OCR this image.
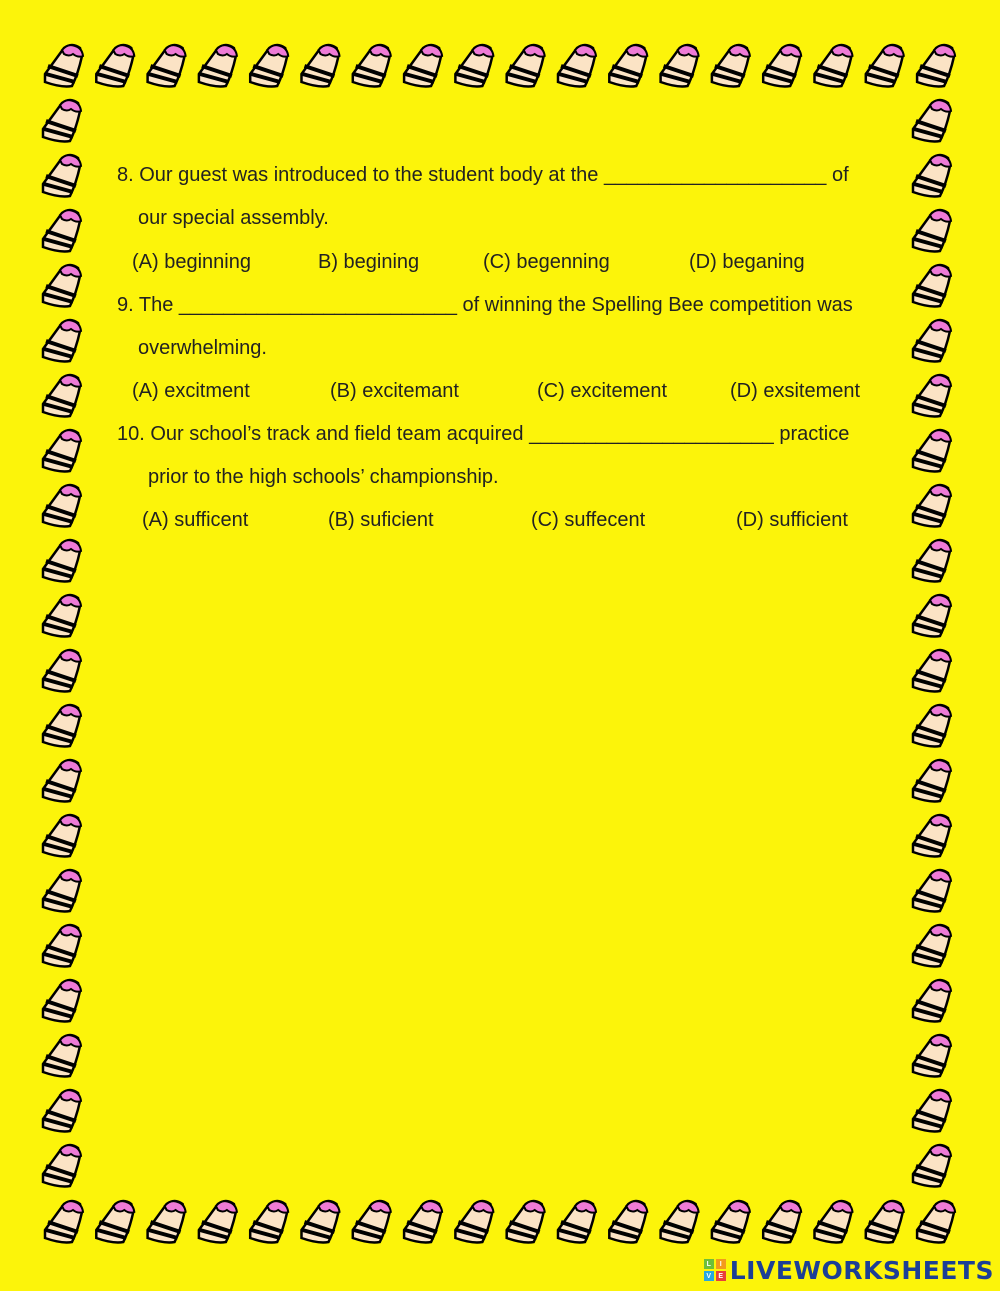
8. Our guest was introduced to the student body at the ____________________ of
our special assembly.
(A) beginning	B) begining	(C) begenning	(D) beganing
9. The _________________________ of winning the Spelling Bee competition was
overwhelming.
(A) excitment	(B) excitemant	(C) excitement	(D) exsitement
10. Our school’s track and field team acquired ______________________ practice
prior to the high schools’ championship.
(A) sufficent	(B) suficient	(C) suffecent	(D) sufficient
L	I
V	E LIVEWORKSHEETS
